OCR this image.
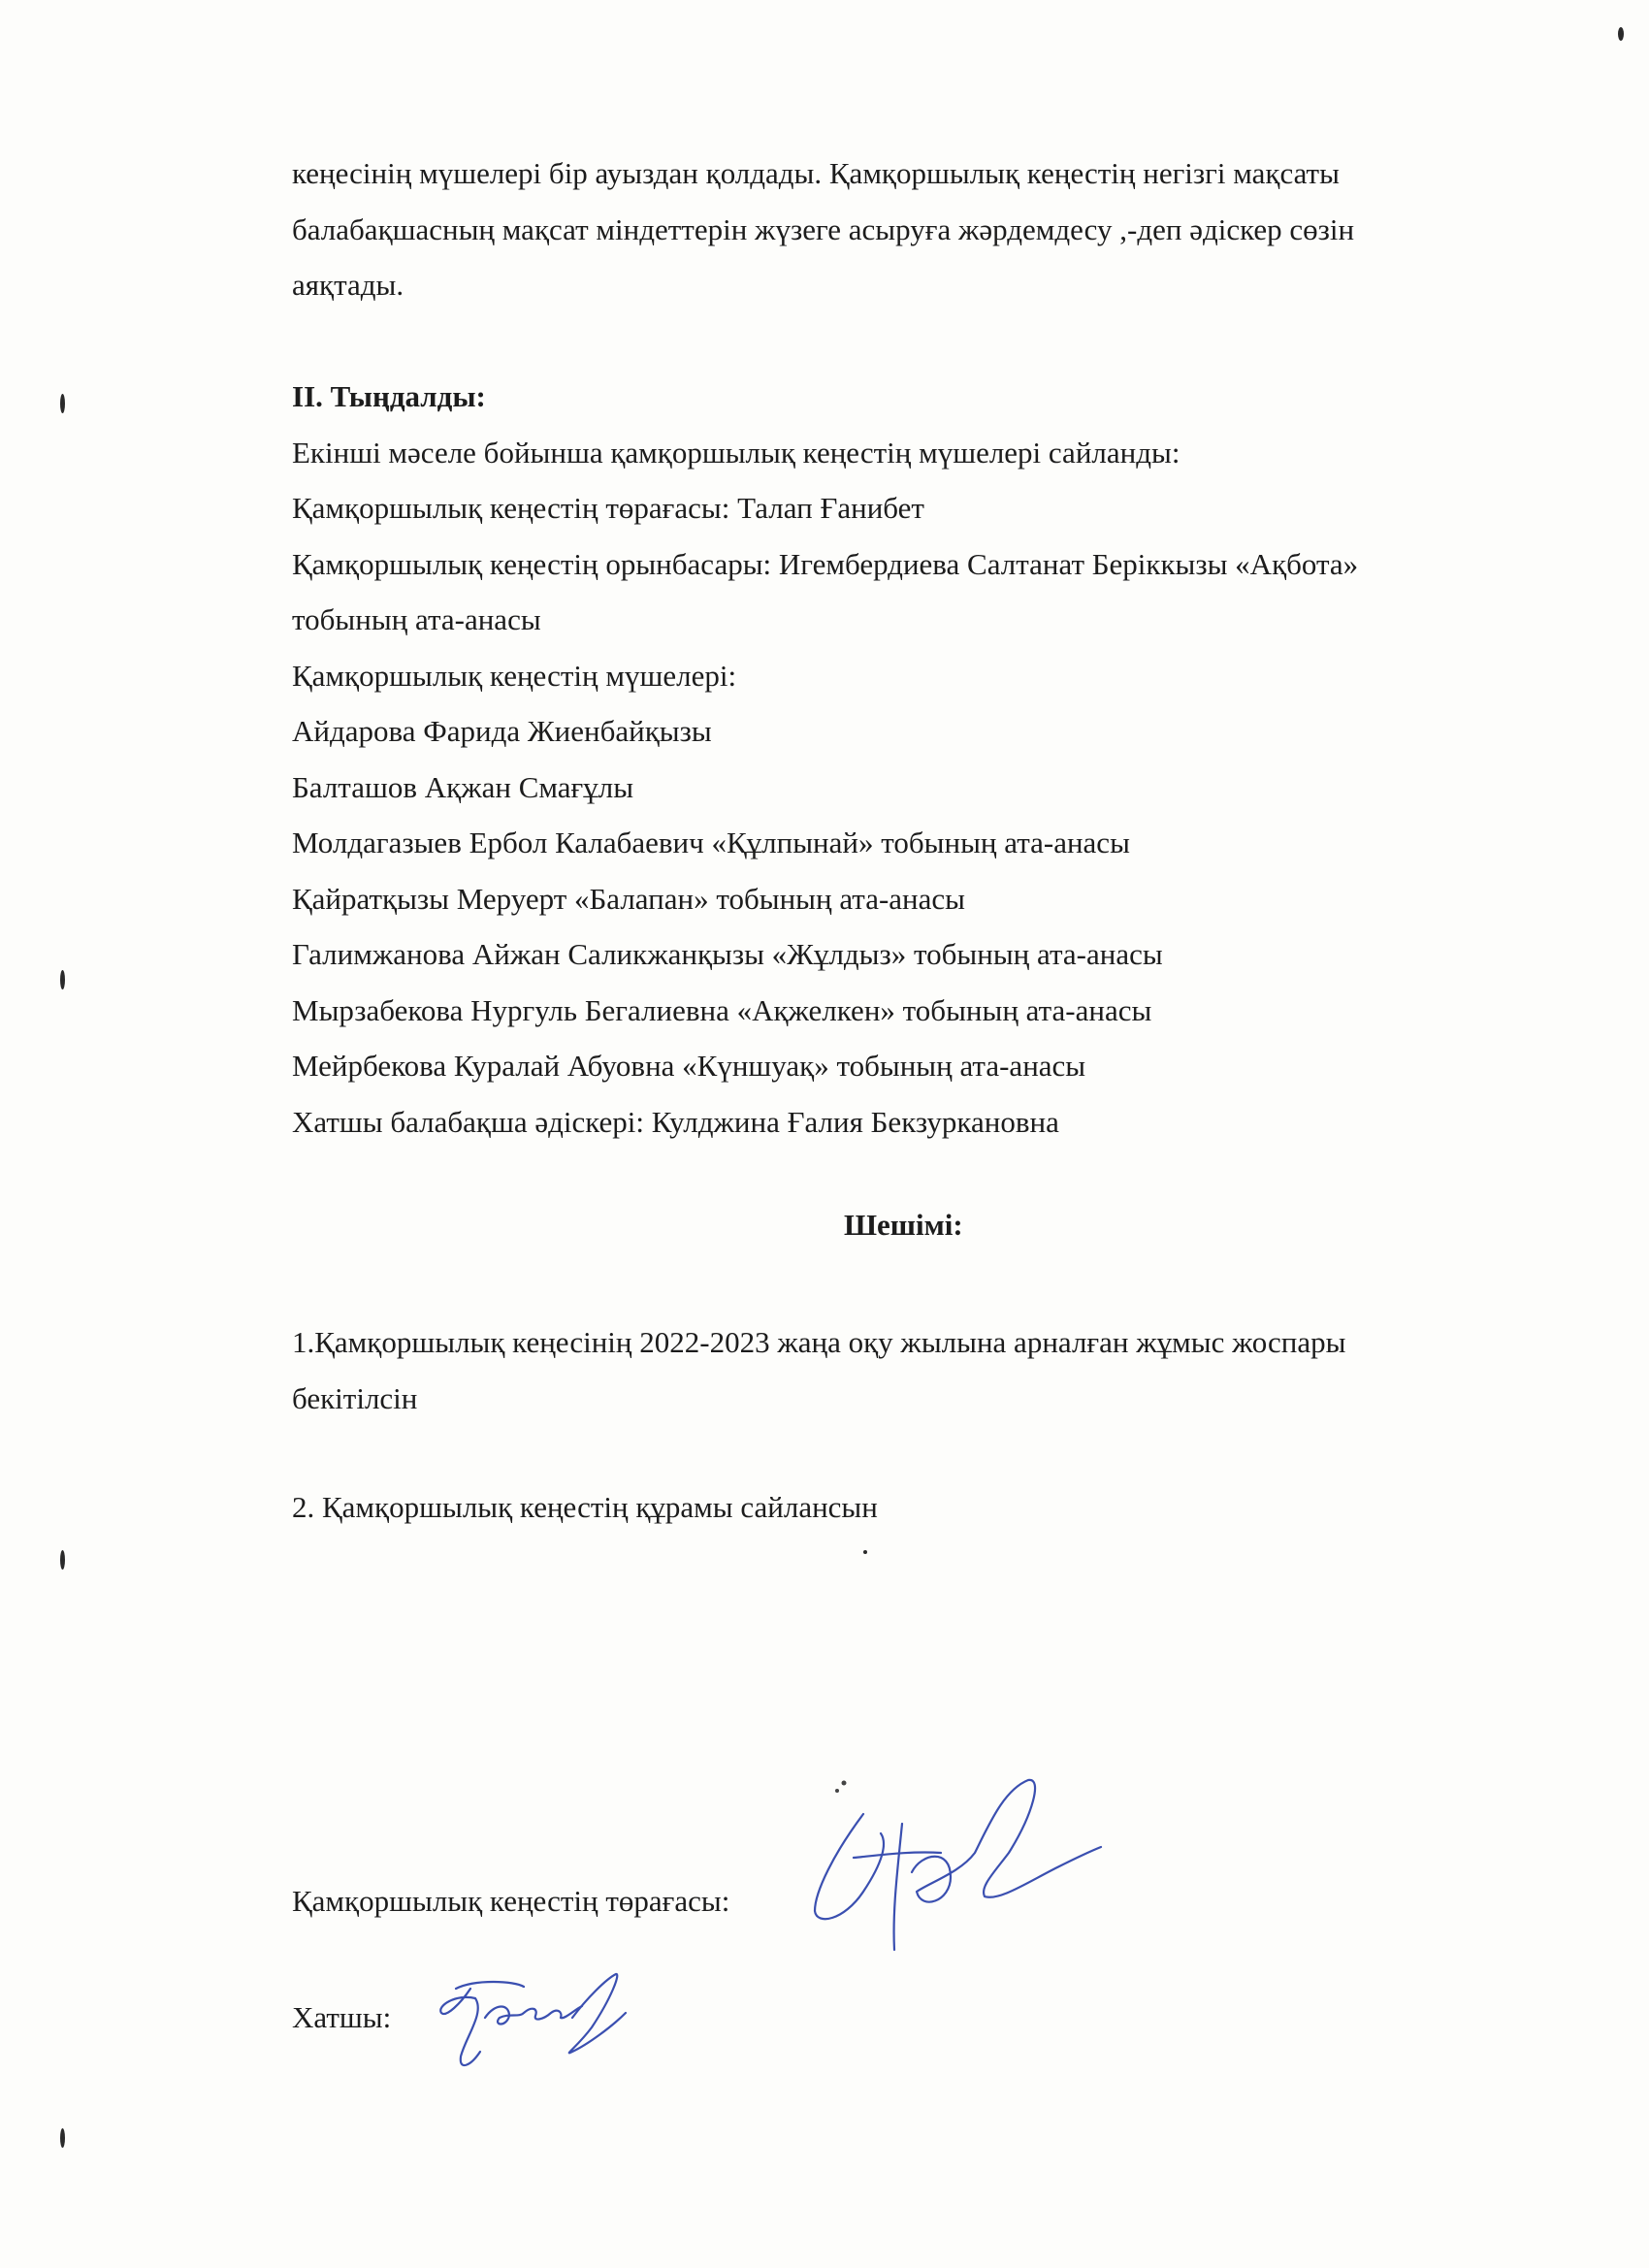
кеңесінің мүшелері бір ауыздан қолдады. Қамқоршылық кеңестің негізгі мақсаты

балабақшасның мақсат міндеттерін жүзеге асыруға жәрдемдесу ,-деп әдіскер сөзін

аяқтады.

II. Тыңдалды:

Екінші мәселе бойынша қамқоршылық кеңестің мүшелері сайланды:

Қамқоршылық кеңестің төрағасы: Талап Ғанибет

Қамқоршылық кеңестің орынбасары: Игембердиева Салтанат Беріккызы «Ақбота»

тобының ата-анасы

Қамқоршылық кеңестің мүшелері:

Айдарова Фарида Жиенбайқызы

Балташов Ақжан Смағұлы

Молдагазыев Ербол Калабаевич «Құлпынай» тобының ата-анасы

Қайратқызы Меруерт «Балапан» тобының ата-анасы

Галимжанова Айжан Саликжанқызы «Жұлдыз» тобының ата-анасы

Мырзабекова Нургуль Бегалиевна «Ақжелкен» тобының ата-анасы

Мейрбекова Куралай Абуовна «Күншуақ» тобының ата-анасы

Хатшы балабақша әдіскері: Кулджина Ғалия Бекзуркановна

Шешімі:
1.Қамқоршылық кеңесінің 2022-2023 жаңа оқу жылына арналған жұмыс жоспары
бекітілсін
2. Қамқоршылық кеңестің құрамы сайлансын
Қамқоршылық кеңестің төрағасы:
Хатшы:
